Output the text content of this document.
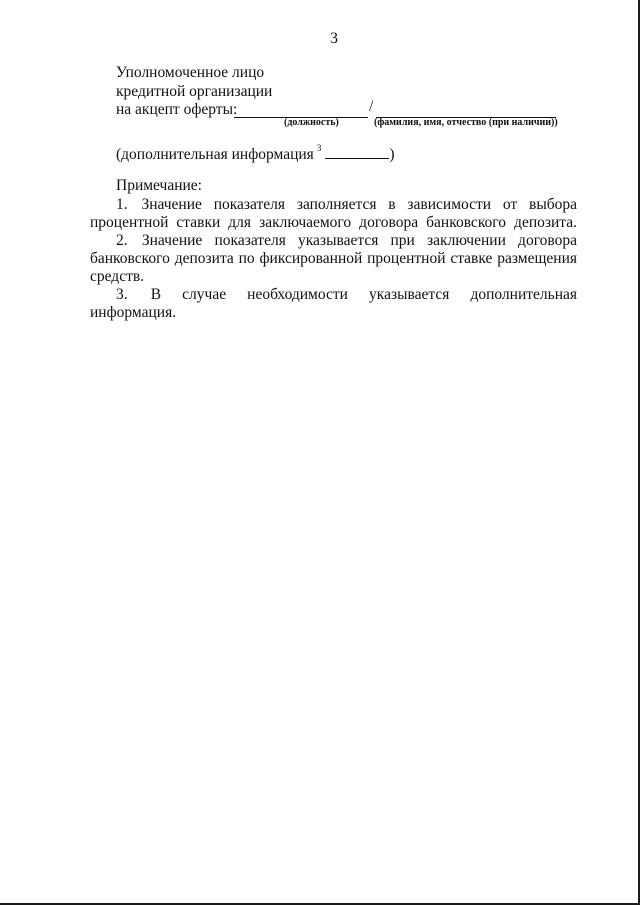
3
Уполномоченное лицо
кредитной организации
на акцепт оферты:	/
(должность)	(фамилия, имя, отчество (при наличии))
(дополнительная информация $^3$	)
Примечание:
1. Значение показателя заполняется в зависимости от выбора процентной ставки для заключаемого договора банковского депозита.
2. Значение показателя указывается при заключении договора банковского депозита по фиксированной процентной ставке размещения средств.
3. В случае необходимости указывается дополнительная информация.
